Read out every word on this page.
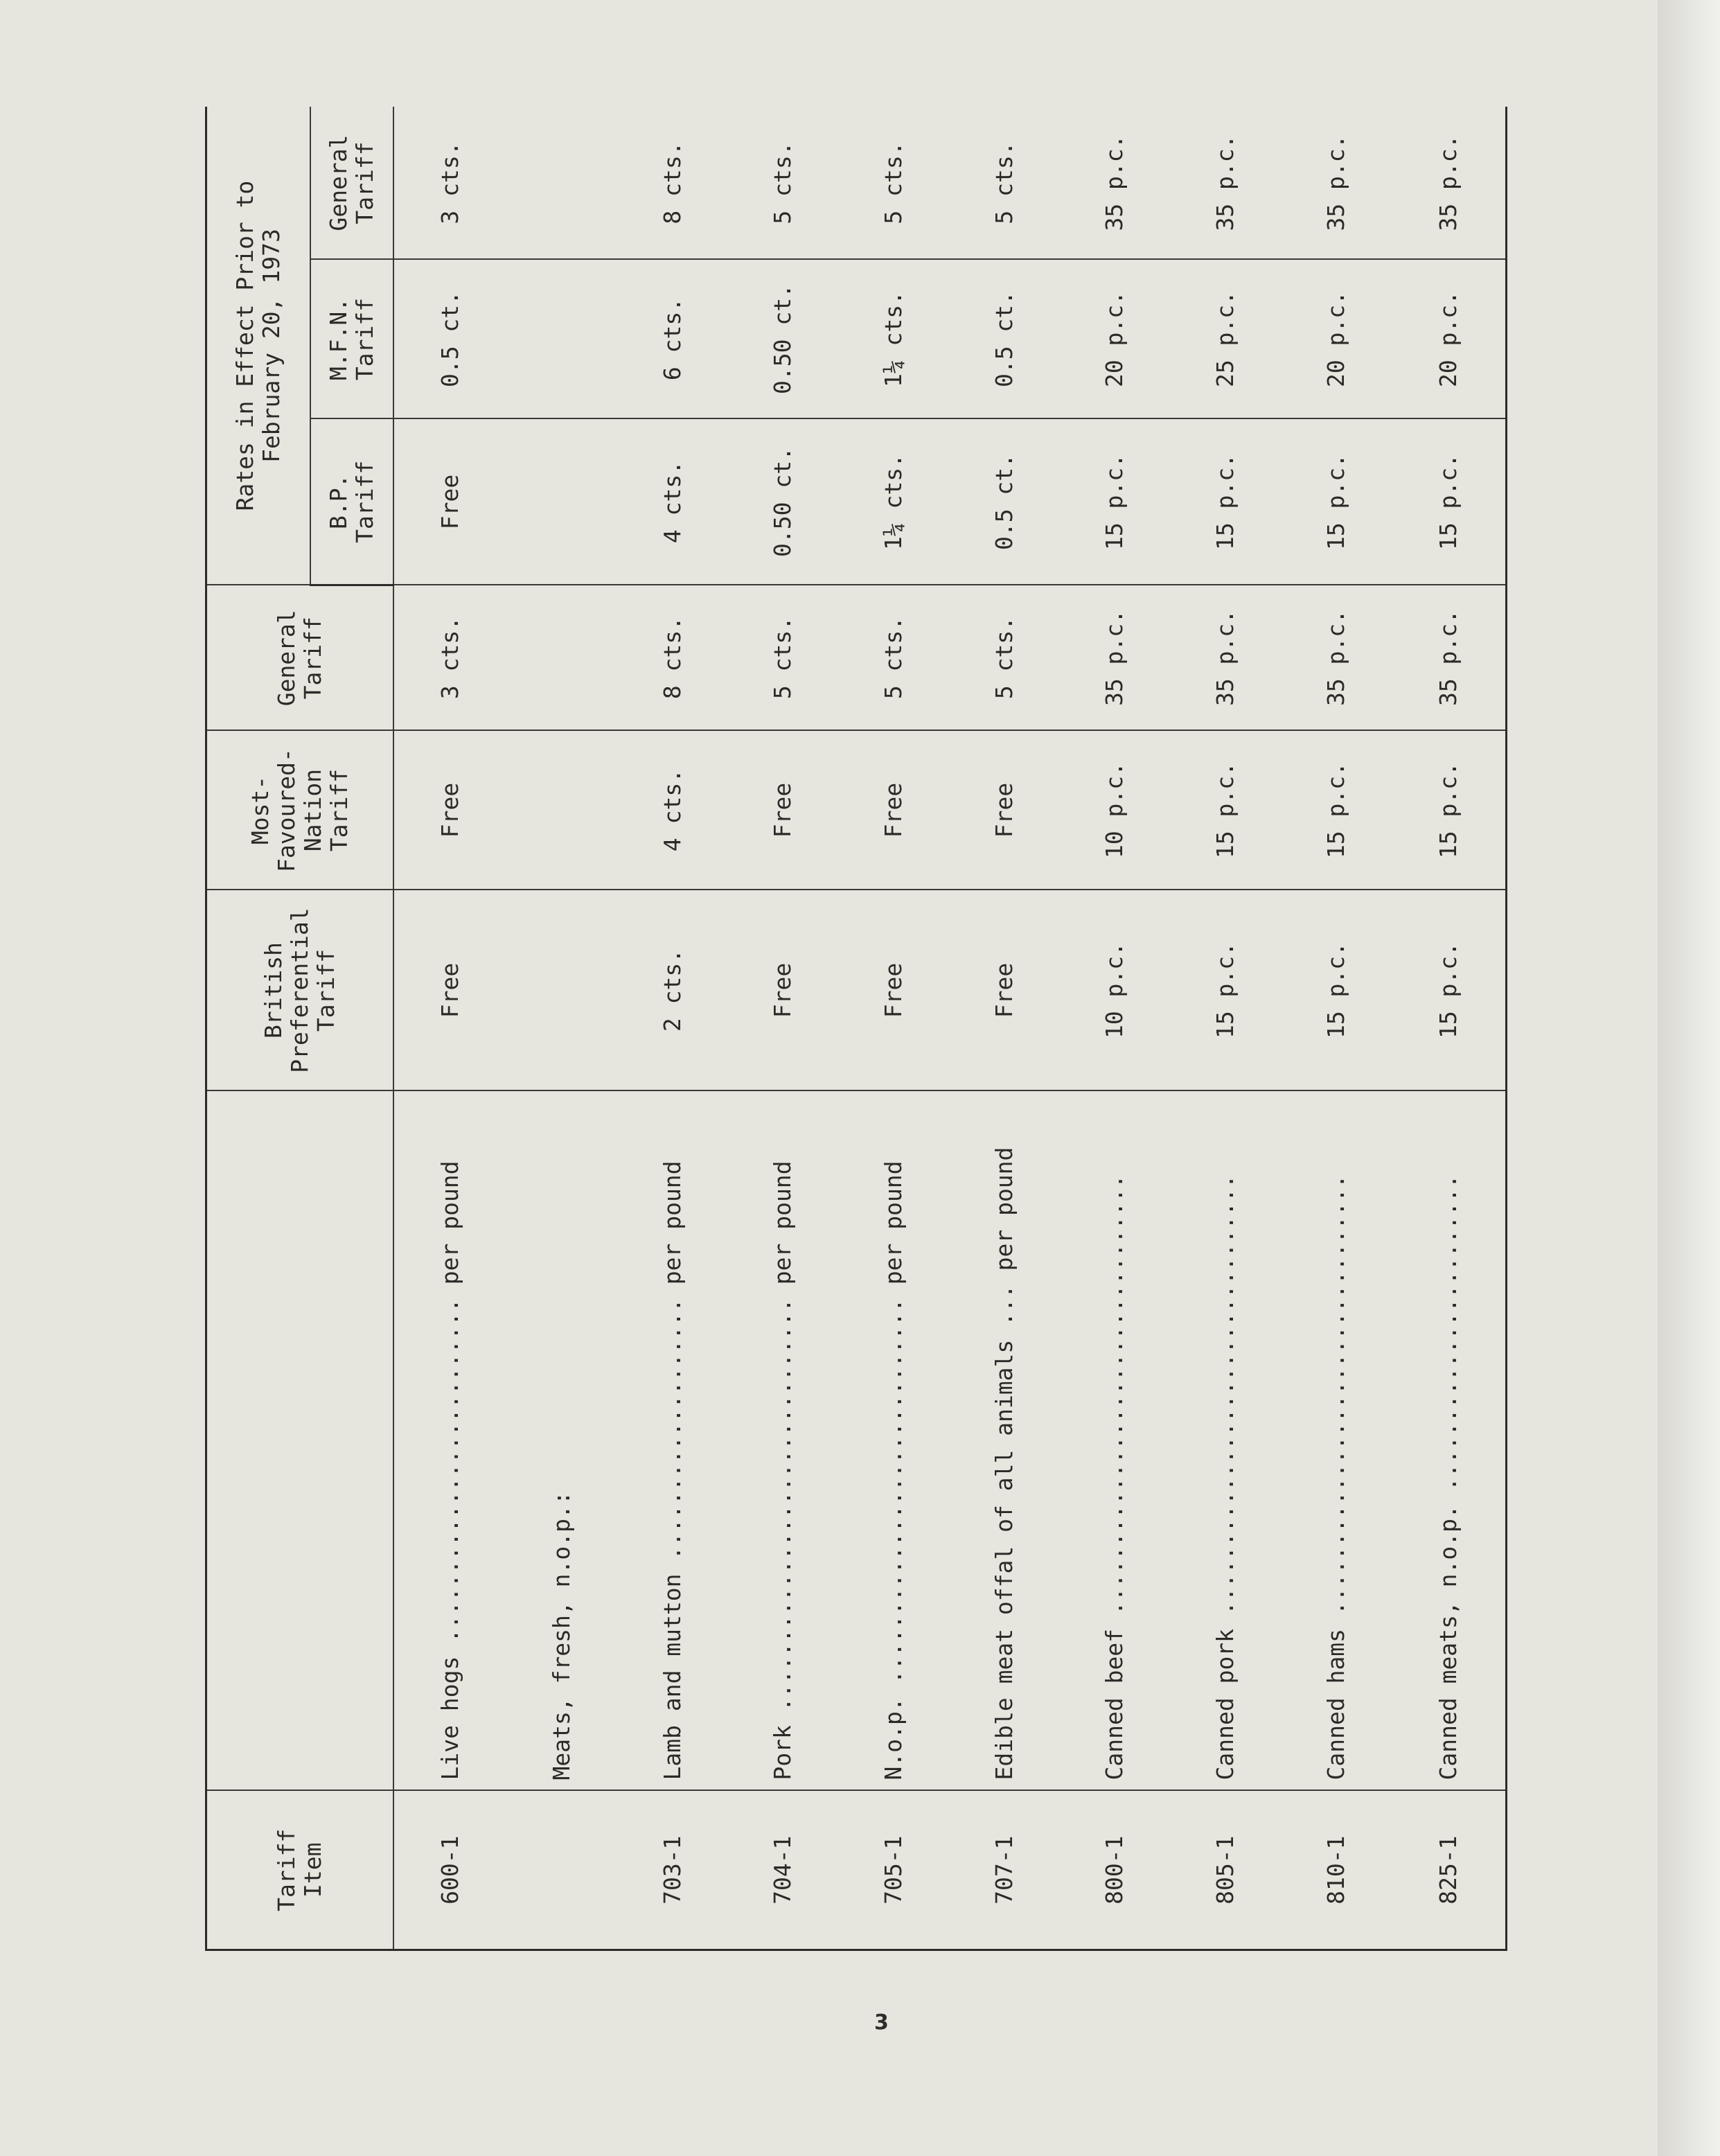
Tariff
Item		British
Preferential
Tariff	Most-
Favoured-
Nation
Tariff	General
Tariff	Rates in Effect Prior to
February 20, 1973		
					B.P.
Tariff	M.F.N.
Tariff	General
Tariff
600-1	Live hogs ......................... per pound	Free	Free	3 cts.	Free	0.5 ct.	3 cts.
	Meats, fresh, n.o.p.:						
703-1	Lamb and mutton ................... per pound	2 cts.	4 cts.	8 cts.	4 cts.	6 cts.	8 cts.
704-1	Pork .............................. per pound	Free	Free	5 cts.	0.50 ct.	0.50 ct.	5 cts.
705-1	N.o.p. ............................ per pound	Free	Free	5 cts.	1¼ cts.	1¼ cts.	5 cts.
707-1	Edible meat offal of all animals ... per pound	Free	Free	5 cts.	0.5 ct.	0.5 ct.	5 cts.
800-1	Canned beef ................................	10 p.c.	10 p.c.	35 p.c.	15 p.c.	20 p.c.	35 p.c.
805-1	Canned pork ................................	15 p.c.	15 p.c.	35 p.c.	15 p.c.	25 p.c.	35 p.c.
810-1	Canned hams ................................	15 p.c.	15 p.c.	35 p.c.	15 p.c.	20 p.c.	35 p.c.
825-1	Canned meats, n.o.p. .......................	15 p.c.	15 p.c.	35 p.c.	15 p.c.	20 p.c.	35 p.c.
3
